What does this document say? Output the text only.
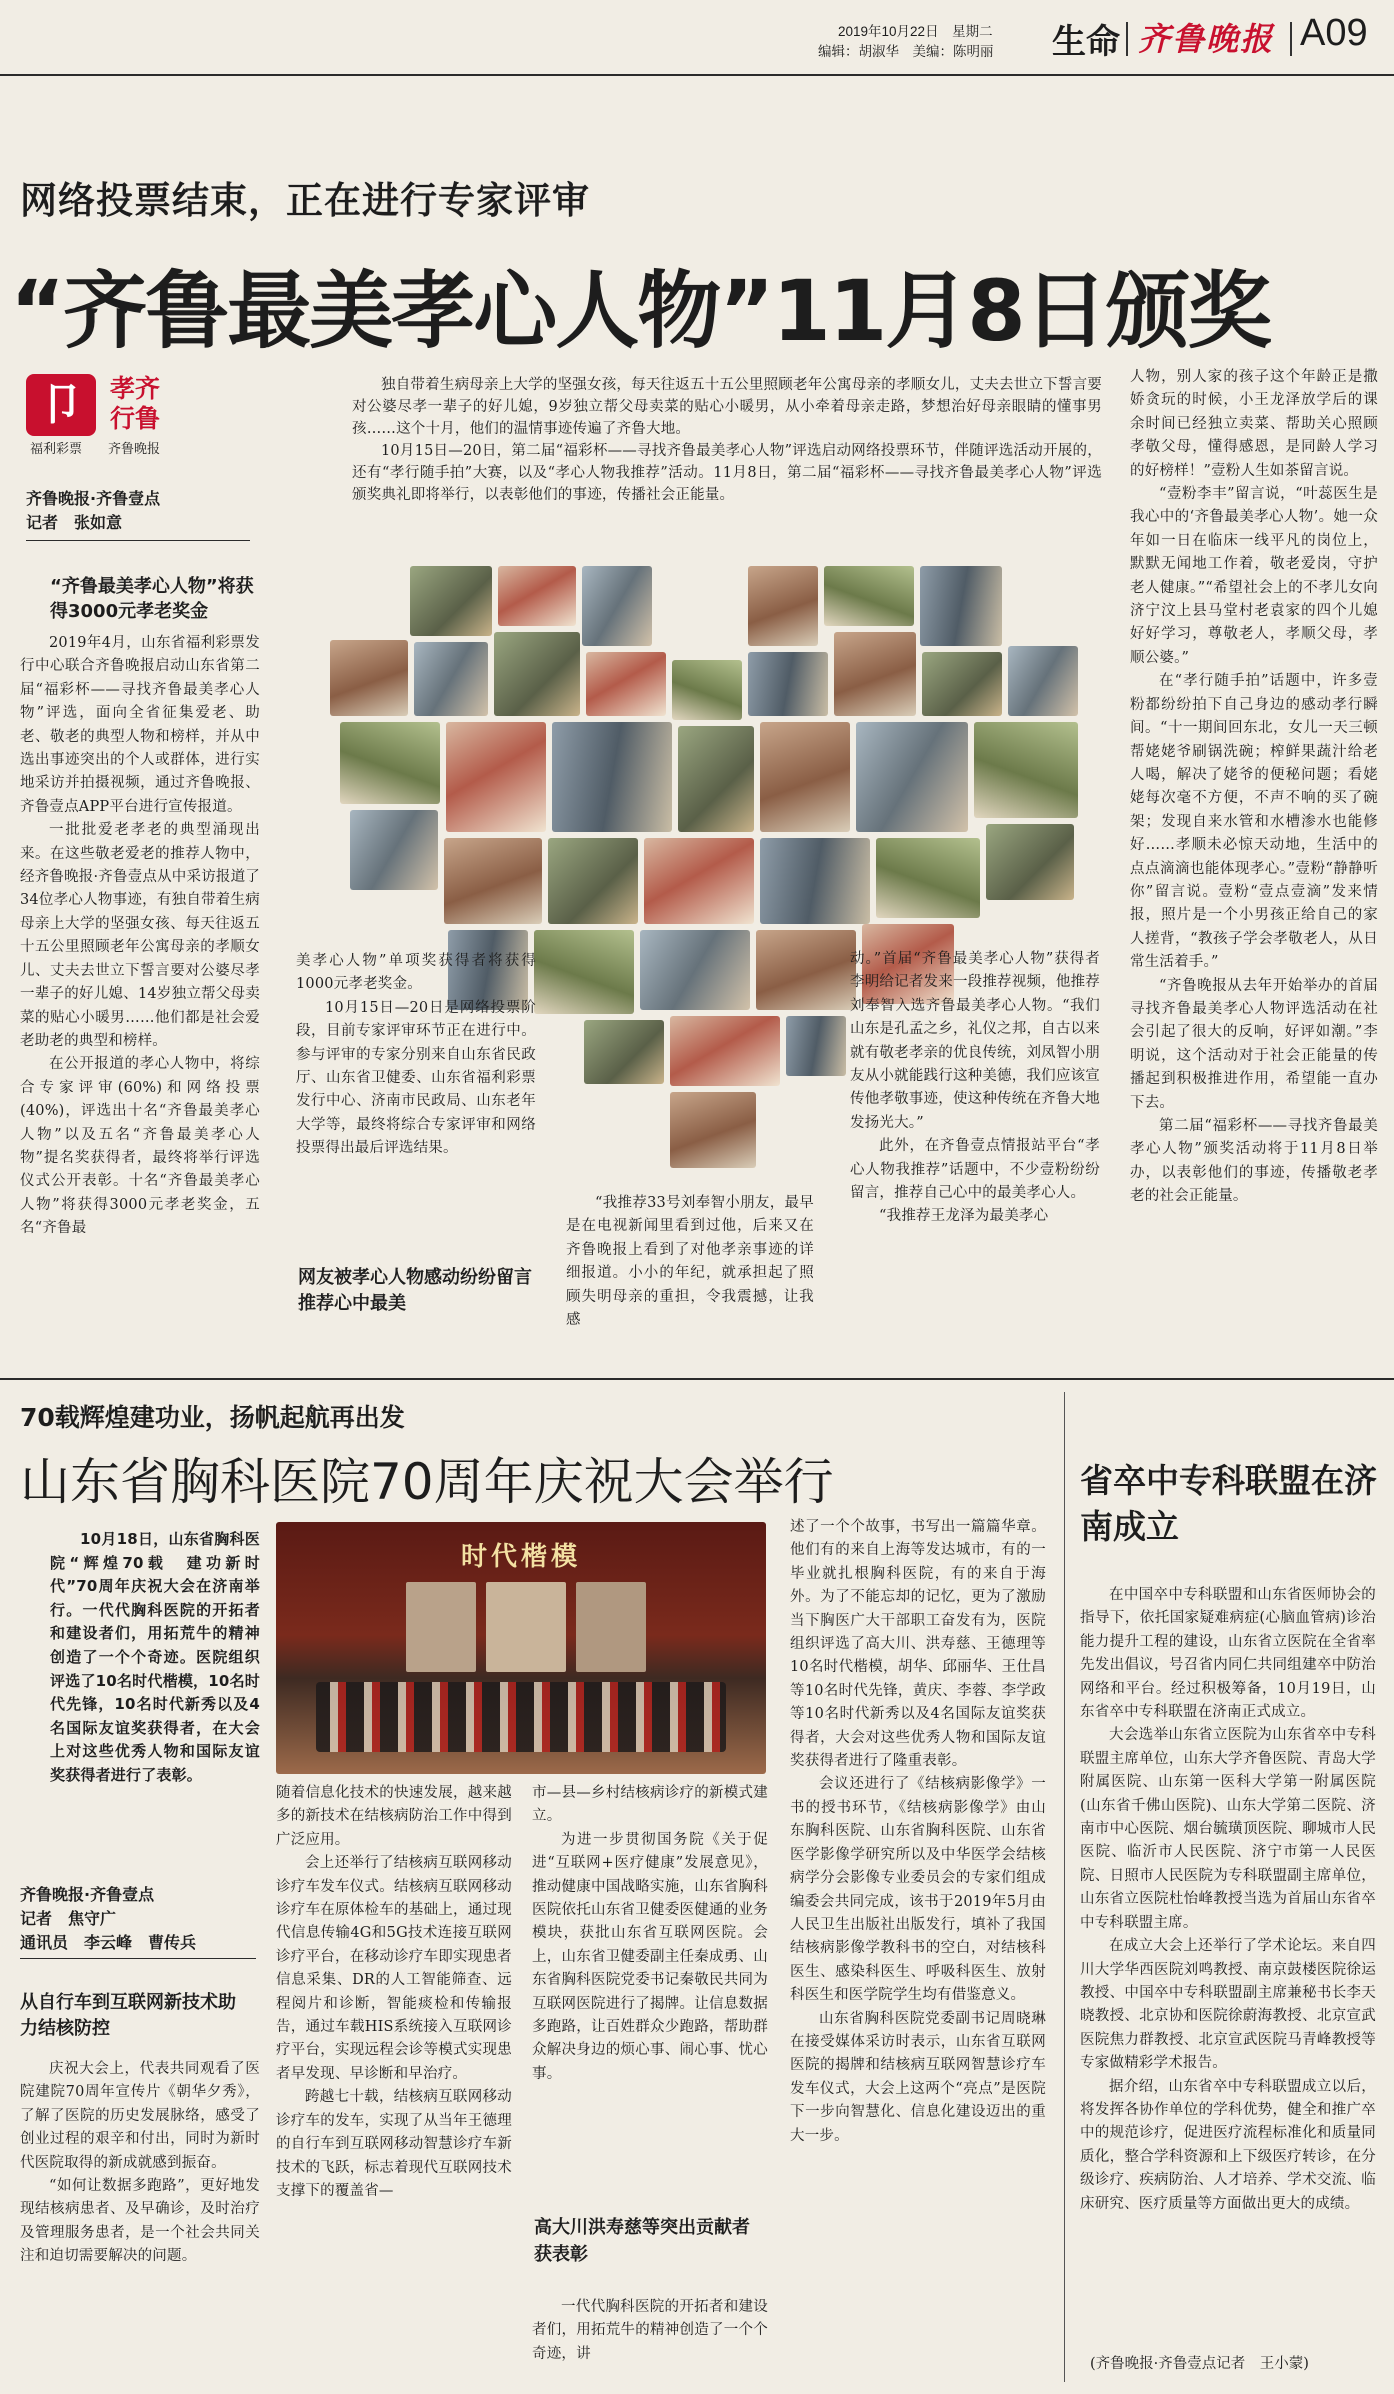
2019年10月22日　星期二
编辑：胡淑华　美编：陈明丽 生命 齐鲁晚报 A09
网络投票结束，正在进行专家评审
“齐鲁最美孝心人物”11月8日颁奖
卩	孝齐行鲁
福利彩票　　齐鲁晚报
齐鲁晚报·齐鲁壹点
记者　张如意
“齐鲁最美孝心人物”将获得3000元孝老奖金

独自带着生病母亲上大学的坚强女孩，每天往返五十五公里照顾老年公寓母亲的孝顺女儿，丈夫去世立下誓言要对公婆尽孝一辈子的好儿媳，9岁独立帮父母卖菜的贴心小暖男，从小牵着母亲走路，梦想治好母亲眼睛的懂事男孩……这个十月，他们的温情事迹传遍了齐鲁大地。

10月15日—20日，第二届“福彩杯——寻找齐鲁最美孝心人物”评选启动网络投票环节，伴随评选活动开展的，还有“孝行随手拍”大赛，以及“孝心人物我推荐”活动。11月8日，第二届“福彩杯——寻找齐鲁最美孝心人物”评选颁奖典礼即将举行，以表彰他们的事迹，传播社会正能量。

2019年4月，山东省福利彩票发行中心联合齐鲁晚报启动山东省第二届“福彩杯——寻找齐鲁最美孝心人物”评选，面向全省征集爱老、助老、敬老的典型人物和榜样，并从中选出事迹突出的个人或群体，进行实地采访并拍摄视频，通过齐鲁晚报、齐鲁壹点APP平台进行宣传报道。

一批批爱老孝老的典型涌现出来。在这些敬老爱老的推荐人物中，经齐鲁晚报·齐鲁壹点从中采访报道了34位孝心人物事迹，有独自带着生病母亲上大学的坚强女孩、每天往返五十五公里照顾老年公寓母亲的孝顺女儿、丈夫去世立下誓言要对公婆尽孝一辈子的好儿媳、14岁独立帮父母卖菜的贴心小暖男……他们都是社会爱老助老的典型和榜样。

在公开报道的孝心人物中，将综合专家评审(60%)和网络投票(40%)，评选出十名“齐鲁最美孝心人物”以及五名“齐鲁最美孝心人物”提名奖获得者，最终将举行评选仪式公开表彰。十名“齐鲁最美孝心人物”将获得3000元孝老奖金，五名“齐鲁最

美孝心人物”单项奖获得者将获得1000元孝老奖金。

10月15日—20日是网络投票阶段，目前专家评审环节正在进行中。参与评审的专家分别来自山东省民政厅、山东省卫健委、山东省福利彩票发行中心、济南市民政局、山东老年大学等，最终将综合专家评审和网络投票得出最后评选结果。

网友被孝心人物感动纷纷留言推荐心中最美

“我推荐33号刘奉智小朋友，最早是在电视新闻里看到过他，后来又在齐鲁晚报上看到了对他孝亲事迹的详细报道。小小的年纪，就承担起了照顾失明母亲的重担，令我震撼，让我感

动。”首届“齐鲁最美孝心人物”获得者李明给记者发来一段推荐视频，他推荐刘奉智入选齐鲁最美孝心人物。“我们山东是孔孟之乡，礼仪之邦，自古以来就有敬老孝亲的优良传统，刘凤智小朋友从小就能践行这种美德，我们应该宣传他孝敬事迹，使这种传统在齐鲁大地发扬光大。”

此外，在齐鲁壹点情报站平台“孝心人物我推荐”话题中，不少壹粉纷纷留言，推荐自己心中的最美孝心人。

“我推荐王龙泽为最美孝心

人物，别人家的孩子这个年龄正是撒娇贪玩的时候，小王龙泽放学后的课余时间已经独立卖菜、帮助关心照顾孝敬父母，懂得感恩，是同龄人学习的好榜样！”壹粉人生如茶留言说。

“壹粉李丰”留言说，“叶蕊医生是我心中的‘齐鲁最美孝心人物’。她一众年如一日在临床一线平凡的岗位上，默默无闻地工作着，敬老爱岗，守护老人健康。”“希望社会上的不孝儿女向济宁汶上县马堂村老袁家的四个儿媳好好学习，尊敬老人，孝顺父母，孝顺公婆。”

在“孝行随手拍”话题中，许多壹粉都纷纷拍下自己身边的感动孝行瞬间。“十一期间回东北，女儿一天三顿帮姥姥爷刷锅洗碗；榨鲜果蔬汁给老人喝，解决了姥爷的便秘问题；看姥姥每次毫不方便，不声不响的买了碗架；发现自来水管和水槽渗水也能修好……孝顺未必惊天动地，生活中的点点滴滴也能体现孝心。”壹粉“静静听你”留言说。壹粉“壹点壹滴”发来情报，照片是一个小男孩正给自己的家人搓背，“教孩子学会孝敬老人，从日常生活着手。”

“齐鲁晚报从去年开始举办的首届寻找齐鲁最美孝心人物评选活动在社会引起了很大的反响，好评如潮。”李明说，这个活动对于社会正能量的传播起到积极推进作用，希望能一直办下去。

第二届“福彩杯——寻找齐鲁最美孝心人物”颁奖活动将于11月8日举办，以表彰他们的事迹，传播敬老孝老的社会正能量。

70载辉煌建功业，扬帆起航再出发
山东省胸科医院70周年庆祝大会举行

10月18日，山东省胸科医院“辉煌70载　建功新时代”70周年庆祝大会在济南举行。一代代胸科医院的开拓者和建设者们，用拓荒牛的精神创造了一个个奇迹。医院组织评选了10名时代楷模，10名时代先锋，10名时代新秀以及4名国际友谊奖获得者，在大会上对这些优秀人物和国际友谊奖获得者进行了表彰。

时代楷模
齐鲁晚报·齐鲁壹点
记者　焦守广
通讯员　李云峰　曹传兵
从自行车到互联网新技术助力结核防控

庆祝大会上，代表共同观看了医院建院70周年宣传片《朝华夕秀》，了解了医院的历史发展脉络，感受了创业过程的艰辛和付出，同时为新时代医院取得的新成就感到振奋。

“如何让数据多跑路”，更好地发现结核病患者、及早确诊，及时治疗及管理服务患者，是一个社会共同关注和迫切需要解决的问题。

随着信息化技术的快速发展，越来越多的新技术在结核病防治工作中得到广泛应用。

会上还举行了结核病互联网移动诊疗车发车仪式。结核病互联网移动诊疗车在原体检车的基础上，通过现代信息传输4G和5G技术连接互联网诊疗平台，在移动诊疗车即实现患者信息采集、DR的人工智能筛查、远程阅片和诊断，智能痰检和传输报告，通过车载HIS系统接入互联网诊疗平台，实现远程会诊等模式实现患者早发现、早诊断和早治疗。

跨越七十载，结核病互联网移动诊疗车的发车，实现了从当年王德理的自行车到互联网移动智慧诊疗车新技术的飞跃，标志着现代互联网技术支撑下的覆盖省—

市—县—乡村结核病诊疗的新模式建立。

为进一步贯彻国务院《关于促进“互联网+医疗健康”发展意见》，推动健康中国战略实施，山东省胸科医院依托山东省卫健委医健通的业务模块，获批山东省互联网医院。会上，山东省卫健委副主任秦成勇、山东省胸科医院党委书记秦敬民共同为互联网医院进行了揭牌。让信息数据多跑路，让百姓群众少跑路，帮助群众解决身边的烦心事、闹心事、忧心事。

高大川洪寿慈等突出贡献者获表彰

一代代胸科医院的开拓者和建设者们，用拓荒牛的精神创造了一个个奇迹，讲

述了一个个故事，书写出一篇篇华章。他们有的来自上海等发达城市，有的一毕业就扎根胸科医院，有的来自于海外。为了不能忘却的记忆，更为了激励当下胸医广大干部职工奋发有为，医院组织评选了高大川、洪寿慈、王德理等10名时代楷模，胡华、邱丽华、王仕昌等10名时代先锋，黄庆、李蓉、李学政等10名时代新秀以及4名国际友谊奖获得者，大会对这些优秀人物和国际友谊奖获得者进行了隆重表彰。

会议还进行了《结核病影像学》一书的授书环节，《结核病影像学》由山东胸科医院、山东省胸科医院、山东省医学影像学研究所以及中华医学会结核病学分会影像专业委员会的专家们组成编委会共同完成，该书于2019年5月由人民卫生出版社出版发行，填补了我国结核病影像学教科书的空白，对结核科医生、感染科医生、呼吸科医生、放射科医生和医学院学生均有借鉴意义。

山东省胸科医院党委副书记周晓琳在接受媒体采访时表示，山东省互联网医院的揭牌和结核病互联网智慧诊疗车发车仪式，大会上这两个“亮点”是医院下一步向智慧化、信息化建设迈出的重大一步。

省卒中专科联盟在济南成立

在中国卒中专科联盟和山东省医师协会的指导下，依托国家疑难病症(心脑血管病)诊治能力提升工程的建设，山东省立医院在全省率先发出倡议，号召省内同仁共同组建卒中防治网络和平台。经过积极筹备，10月19日，山东省卒中专科联盟在济南正式成立。

大会选举山东省立医院为山东省卒中专科联盟主席单位，山东大学齐鲁医院、青岛大学附属医院、山东第一医科大学第一附属医院(山东省千佛山医院)、山东大学第二医院、济南市中心医院、烟台毓璜顶医院、聊城市人民医院、临沂市人民医院、济宁市第一人民医院、日照市人民医院为专科联盟副主席单位，山东省立医院杜怡峰教授当选为首届山东省卒中专科联盟主席。

在成立大会上还举行了学术论坛。来自四川大学华西医院刘鸣教授、南京鼓楼医院徐运教授、中国卒中专科联盟副主席兼秘书长李天晓教授、北京协和医院徐蔚海教授、北京宣武医院焦力群教授、北京宣武医院马青峰教授等专家做精彩学术报告。

据介绍，山东省卒中专科联盟成立以后，将发挥各协作单位的学科优势，健全和推广卒中的规范诊疗，促进医疗流程标准化和质量同质化，整合学科资源和上下级医疗转诊，在分级诊疗、疾病防治、人才培养、学术交流、临床研究、医疗质量等方面做出更大的成绩。

(齐鲁晚报·齐鲁壹点记者　王小蒙)
